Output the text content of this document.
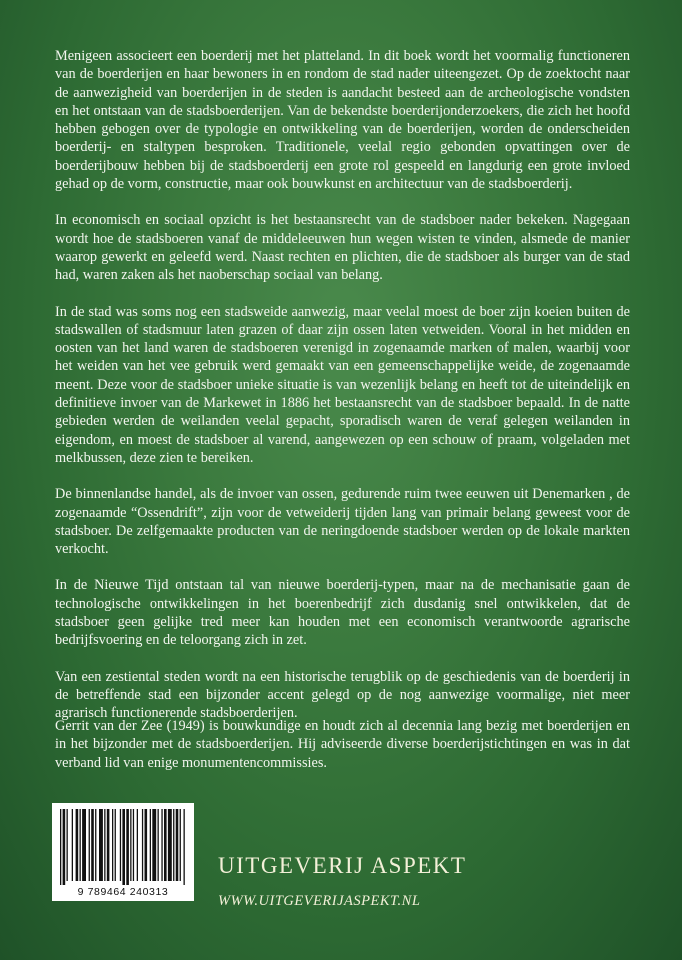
Menigeen associeert een boerderij met het platteland. In dit boek wordt het voormalig functioneren van de boerderijen en haar bewoners in en rondom de stad nader uiteengezet. Op de zoektocht naar de aanwezigheid van boerderijen in de steden is aandacht besteed aan de archeologische vondsten en het ontstaan van de stadsboerderijen. Van de bekendste boerderijonderzoekers, die zich het hoofd hebben gebogen over de typologie en ontwikkeling van de boerderijen, worden de onderscheiden boerderij- en staltypen besproken. Traditionele, veelal regio gebonden opvattingen over de boerderijbouw hebben bij de stadsboerderij een grote rol gespeeld en langdurig een grote invloed gehad op de vorm, constructie, maar ook bouwkunst en architectuur van de stadsboerderij.

In economisch en sociaal opzicht is het bestaansrecht van de stadsboer nader bekeken. Nagegaan wordt hoe de stadsboeren vanaf de middeleeuwen hun wegen wisten te vinden, alsmede de manier waarop gewerkt en geleefd werd. Naast rechten en plichten, die de stadsboer als burger van de stad had, waren zaken als het naoberschap sociaal van belang.

In de stad was soms nog een stadsweide aanwezig, maar veelal moest de boer zijn koeien buiten de stadswallen of stadsmuur laten grazen of daar zijn ossen laten vetweiden. Vooral in het midden en oosten van het land waren de stadsboeren verenigd in zogenaamde marken of malen, waarbij voor het weiden van het vee gebruik werd gemaakt van een gemeenschappelijke weide, de zogenaamde meent. Deze voor de stadsboer unieke situatie is van wezenlijk belang en heeft tot de uiteindelijk en definitieve invoer van de Markewet in 1886 het bestaansrecht van de stadsboer bepaald. In de natte gebieden werden de weilanden veelal gepacht, sporadisch waren de veraf gelegen weilanden in eigendom, en moest de stadsboer al varend, aangewezen op een schouw of praam, volgeladen met melkbussen, deze zien te bereiken.

De binnenlandse handel, als de invoer van ossen, gedurende ruim twee eeuwen uit Denemarken , de zogenaamde “Ossendrift”, zijn voor de vetweiderij tijden lang van primair belang geweest voor de stadsboer. De zelfgemaakte producten van de neringdoende stadsboer werden op de lokale markten verkocht.

In de Nieuwe Tijd ontstaan tal van nieuwe boerderij-typen, maar na de mechanisatie gaan de technologische ontwikkelingen in het boerenbedrijf zich dusdanig snel ontwikkelen, dat de stadsboer geen gelijke tred meer kan houden met een economisch verantwoorde agrarische bedrijfsvoering en de teloorgang zich in zet.

Van een zestiental steden wordt na een historische terugblik op de geschiedenis van de boerderij in de betreffende stad een bijzonder accent gelegd op de nog aanwezige voormalige, niet meer agrarisch functionerende stadsboerderijen.

Gerrit van der Zee (1949) is bouwkundige en houdt zich al decennia lang bezig met boerderijen en in het bijzonder met de stadsboerderijen. Hij adviseerde diverse boerderijstichtingen en was in dat verband lid van enige monumentencommissies.

9 789464 240313

UITGEVERIJ ASPEKT

WWW.UITGEVERIJASPEKT.NL
